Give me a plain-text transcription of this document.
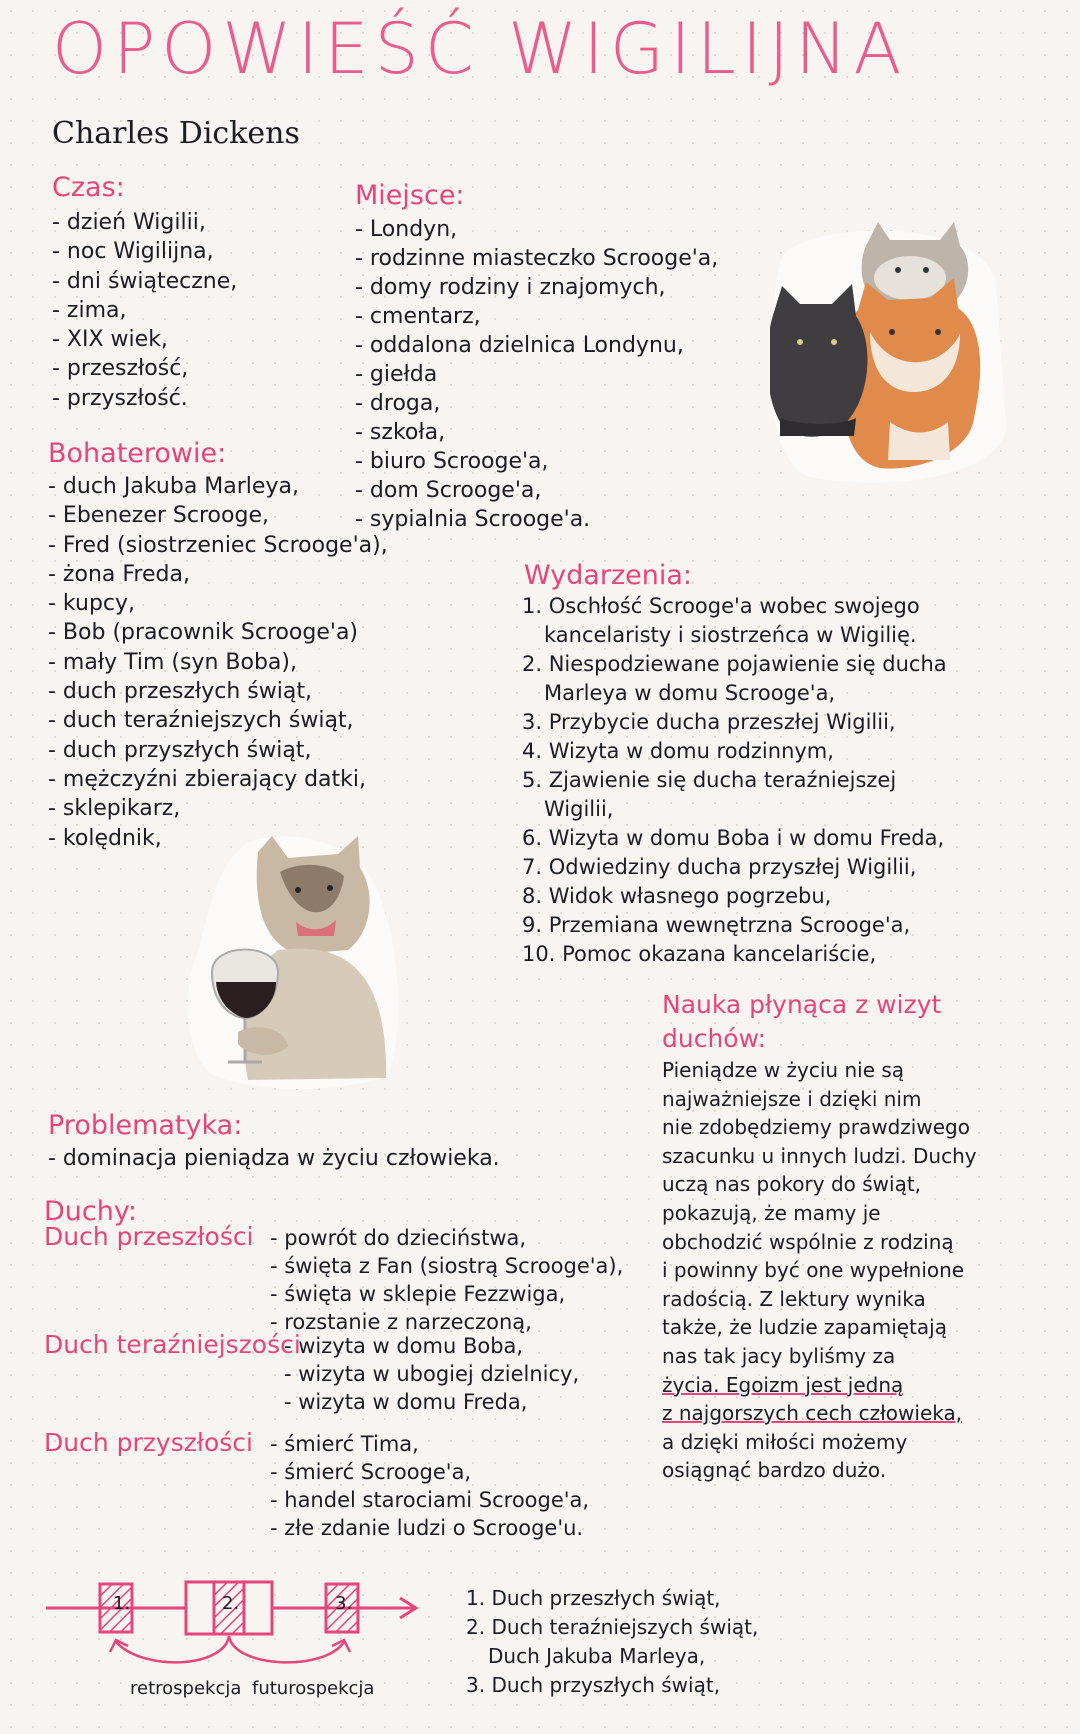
OPOWIEŚĆ WIGILIJNA
Charles Dickens
Czas:
- dzień Wigilii,
- noc Wigilijna,
- dni świąteczne,
- zima,
- XIX wiek,
- przeszłość,
- przyszłość.
Miejsce:
- Londyn,
- rodzinne miasteczko Scrooge'a,
- domy rodziny i znajomych,
- cmentarz,
- oddalona dzielnica Londynu,
- giełda
- droga,
- szkoła,
- biuro Scrooge'a,
- dom Scrooge'a,
- sypialnia Scrooge'a.
Bohaterowie:
- duch Jakuba Marleya,
- Ebenezer Scrooge,
- Fred (siostrzeniec Scrooge'a),
- żona Freda,
- kupcy,
- Bob (pracownik Scrooge'a)
- mały Tim (syn Boba),
- duch przeszłych świąt,
- duch teraźniejszych świąt,
- duch przyszłych świąt,
- mężczyźni zbierający datki,
- sklepikarz,
- kolędnik,
Wydarzenia:
1. Oschłość Scrooge'a wobec swojego
kancelaristy i siostrzeńca w Wigilię.
2. Niespodziewane pojawienie się ducha
Marleya w domu Scrooge'a,
3. Przybycie ducha przeszłej Wigilii,
4. Wizyta w domu rodzinnym,
5. Zjawienie się ducha teraźniejszej
Wigilii,
6. Wizyta w domu Boba i w domu Freda,
7. Odwiedziny ducha przyszłej Wigilii,
8. Widok własnego pogrzebu,
9. Przemiana wewnętrzna Scrooge'a,
10. Pomoc okazana kancelariście,
Nauka płynąca z wizyt
duchów:
Pieniądze w życiu nie są
najważniejsze i dzięki nim
nie zdobędziemy prawdziwego
szacunku u innych ludzi. Duchy
uczą nas pokory do świąt,
pokazują, że mamy je
obchodzić wspólnie z rodziną
i powinny być one wypełnione
radością. Z lektury wynika
także, że ludzie zapamiętają
nas tak jacy byliśmy za
życia. Egoizm jest jedną
z najgorszych cech człowieka,
a dzięki miłości możemy
osiągnąć bardzo dużo.
Problematyka:
- dominacja pieniądza w życiu człowieka.
Duchy:
Duch przeszłości - powrót do dzieciństwa,
- święta z Fan (siostrą Scrooge'a),
- święta w sklepie Fezzwiga,
- rozstanie z narzeczoną,
Duch teraźniejszości
- wizyta w domu Boba,
- wizyta w ubogiej dzielnicy,
- wizyta w domu Freda,
Duch przyszłości - śmierć Tima,
- śmierć Scrooge'a,
- handel starociami Scrooge'a,
- złe zdanie ludzi o Scrooge'u.
1.	2.	3.
retrospekcja futurospekcja
1. Duch przeszłych świąt,
2. Duch teraźniejszych świąt,
Duch Jakuba Marleya,
3. Duch przyszłych świąt,
